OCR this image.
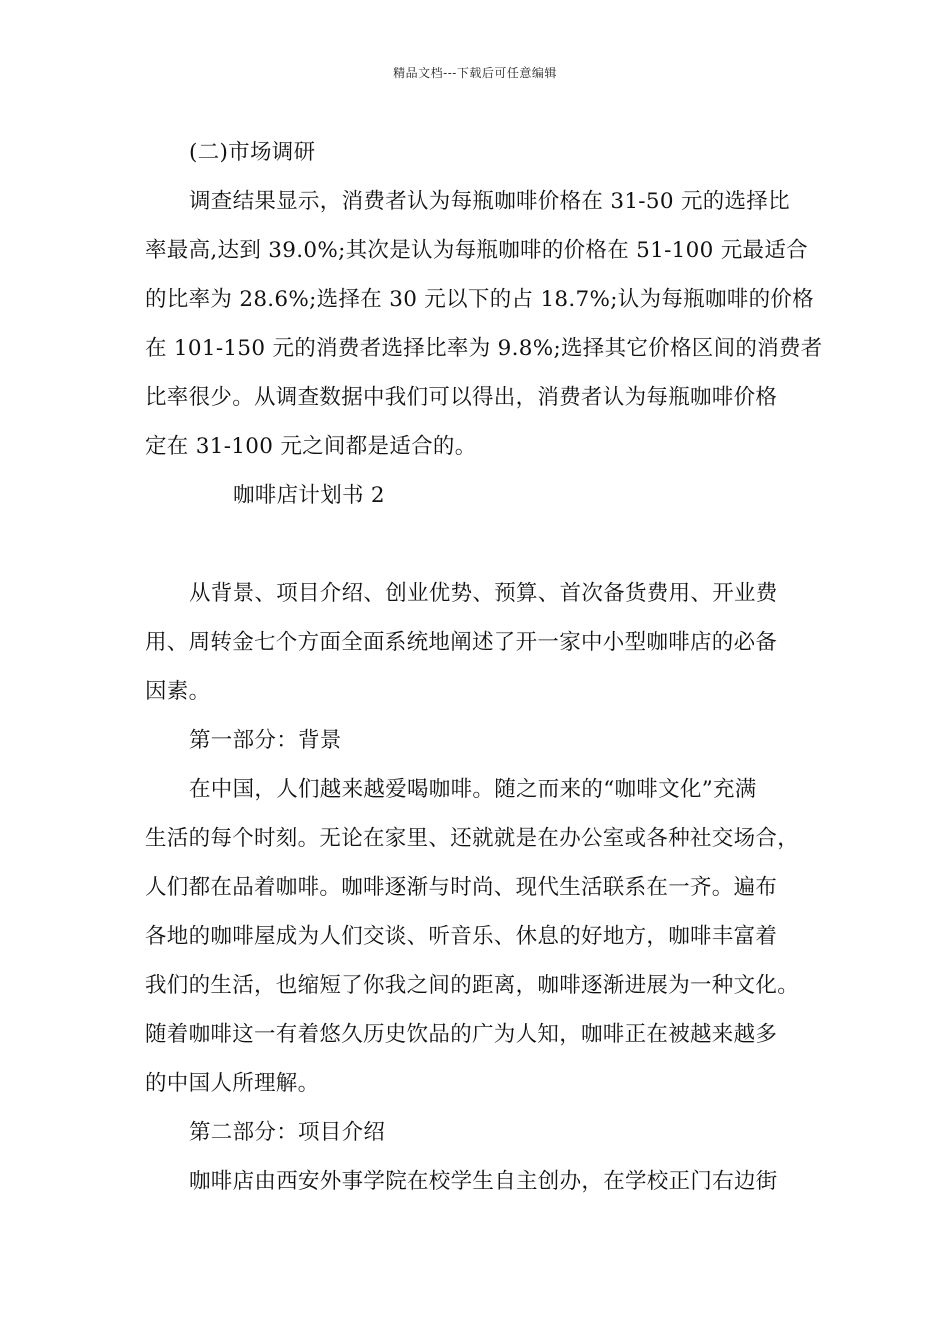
精品文档---下载后可任意编辑
(二)市场调研
调查结果显示，消费者认为每瓶咖啡价格在 31-50 元的选择比
率最高,达到 39.0%;其次是认为每瓶咖啡的价格在 51-100 元最适合
的比率为 28.6%;选择在 30 元以下的占 18.7%;认为每瓶咖啡的价格
在 101-150 元的消费者选择比率为 9.8%;选择其它价格区间的消费者
比率很少。从调查数据中我们可以得出，消费者认为每瓶咖啡价格
定在 31-100 元之间都是适合的。
咖啡店计划书 2
从背景、项目介绍、创业优势、预算、首次备货费用、开业费
用、周转金七个方面全面系统地阐述了开一家中小型咖啡店的必备
因素。
第一部分：背景
在中国，人们越来越爱喝咖啡。随之而来的“咖啡文化”充满
生活的每个时刻。无论在家里、还就就是在办公室或各种社交场合，
人们都在品着咖啡。咖啡逐渐与时尚、现代生活联系在一齐。遍布
各地的咖啡屋成为人们交谈、听音乐、休息的好地方，咖啡丰富着
我们的生活，也缩短了你我之间的距离，咖啡逐渐进展为一种文化。
随着咖啡这一有着悠久历史饮品的广为人知，咖啡正在被越来越多
的中国人所理解。
第二部分：项目介绍
咖啡店由西安外事学院在校学生自主创办，在学校正门右边街
